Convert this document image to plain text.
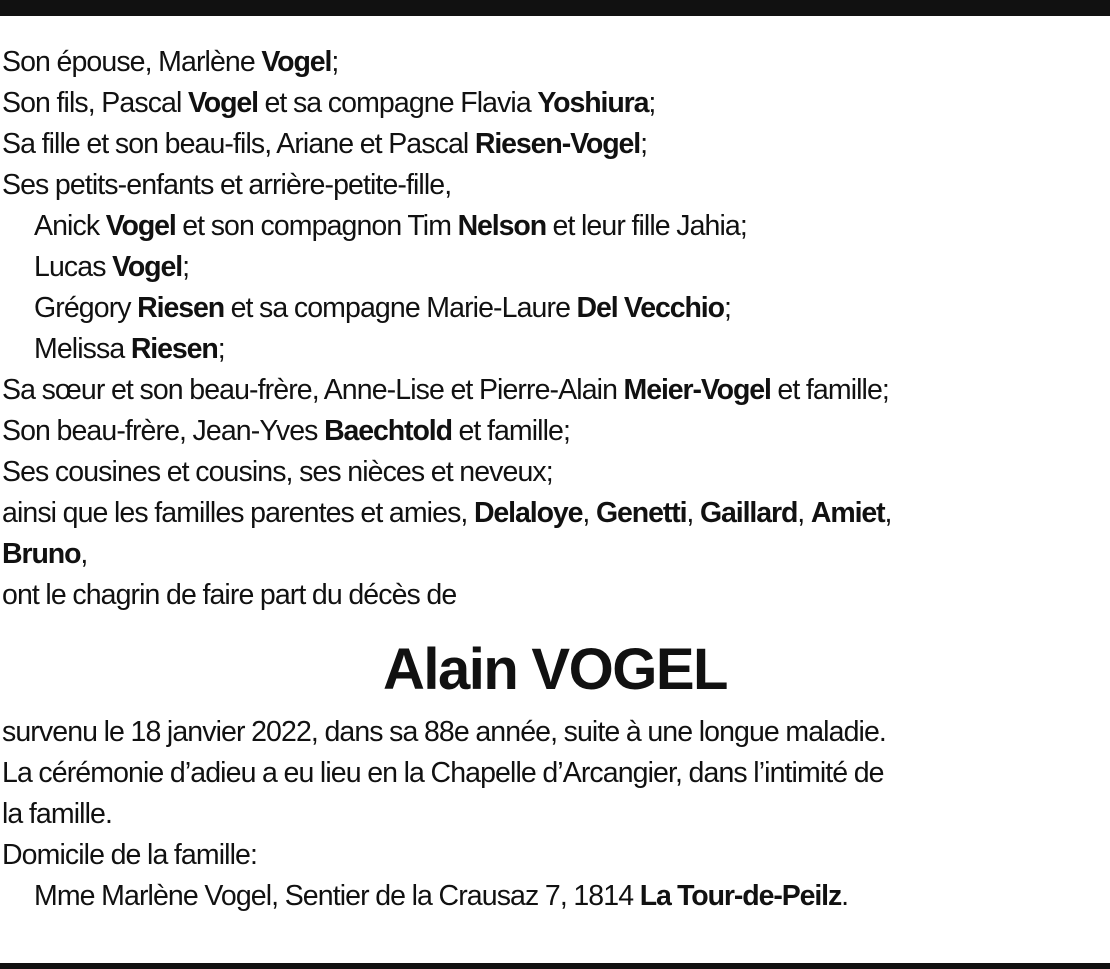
Son épouse, Marlène Vogel;
Son fils, Pascal Vogel et sa compagne Flavia Yoshiura;
Sa fille et son beau-fils, Ariane et Pascal Riesen-Vogel;
Ses petits-enfants et arrière-petite-fille,
Anick Vogel et son compagnon Tim Nelson et leur fille Jahia;
Lucas Vogel;
Grégory Riesen et sa compagne Marie-Laure Del Vecchio;
Melissa Riesen;
Sa sœur et son beau-frère, Anne-Lise et Pierre-Alain Meier-Vogel et famille;
Son beau-frère, Jean-Yves Baechtold et famille;
Ses cousines et cousins, ses nièces et neveux;
ainsi que les familles parentes et amies, Delaloye, Genetti, Gaillard, Amiet,
Bruno,
ont le chagrin de faire part du décès de
Alain VOGEL
survenu le 18 janvier 2022, dans sa 88e année, suite à une longue maladie.
La cérémonie d’adieu a eu lieu en la Chapelle d’Arcangier, dans l’intimité de
la famille.
Domicile de la famille:
Mme Marlène Vogel, Sentier de la Crausaz 7, 1814 La Tour-de-Peilz.
